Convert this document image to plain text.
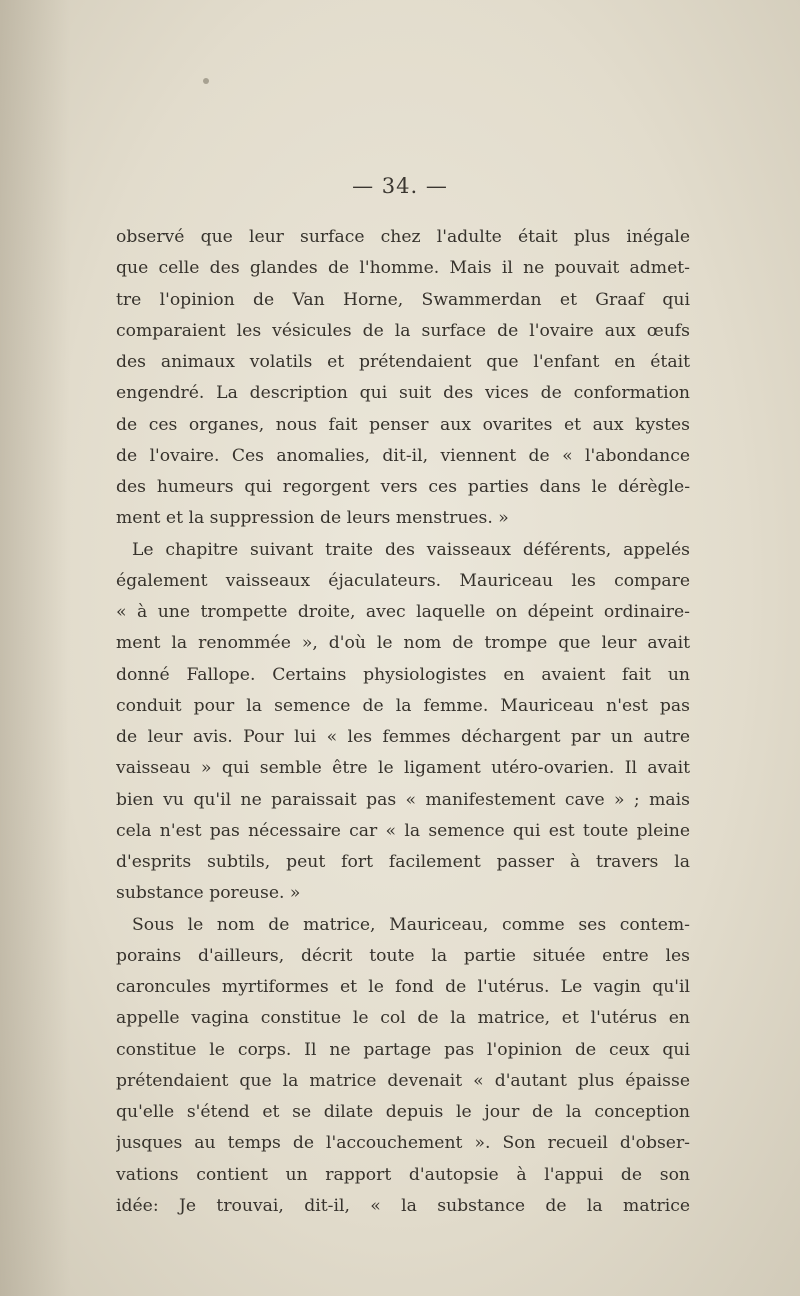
— 34. —
observé que leur surface chez l'adulte était plus inégale
que celle des glandes de l'homme. Mais il ne pouvait admet-
tre l'opinion de Van Horne, Swammerdan et Graaf qui
comparaient les vésicules de la surface de l'ovaire aux œufs
des animaux volatils et prétendaient que l'enfant en était
engendré. La description qui suit des vices de conformation
de ces organes, nous fait penser aux ovarites et aux kystes
de l'ovaire. Ces anomalies, dit-il, viennent de « l'abondance
des humeurs qui regorgent vers ces parties dans le dérègle-
ment et la suppression de leurs menstrues. »
Le chapitre suivant traite des vaisseaux déférents, appelés
également vaisseaux éjaculateurs. Mauriceau les compare
« à une trompette droite, avec laquelle on dépeint ordinaire-
ment la renommée », d'où le nom de trompe que leur avait
donné Fallope. Certains physiologistes en avaient fait un
conduit pour la semence de la femme. Mauriceau n'est pas
de leur avis. Pour lui « les femmes déchargent par un autre
vaisseau » qui semble être le ligament utéro-ovarien. Il avait
bien vu qu'il ne paraissait pas « manifestement cave » ; mais
cela n'est pas nécessaire car « la semence qui est toute pleine
d'esprits subtils, peut fort facilement passer à travers la
substance poreuse. »
Sous le nom de matrice, Mauriceau, comme ses contem-
porains d'ailleurs, décrit toute la partie située entre les
caroncules myrtiformes et le fond de l'utérus. Le vagin qu'il
appelle vagina constitue le col de la matrice, et l'utérus en
constitue le corps. Il ne partage pas l'opinion de ceux qui
prétendaient que la matrice devenait « d'autant plus épaisse
qu'elle s'étend et se dilate depuis le jour de la conception
jusques au temps de l'accouchement ». Son recueil d'obser-
vations contient un rapport d'autopsie à l'appui de son
idée: Je trouvai, dit-il, « la substance de la matrice
